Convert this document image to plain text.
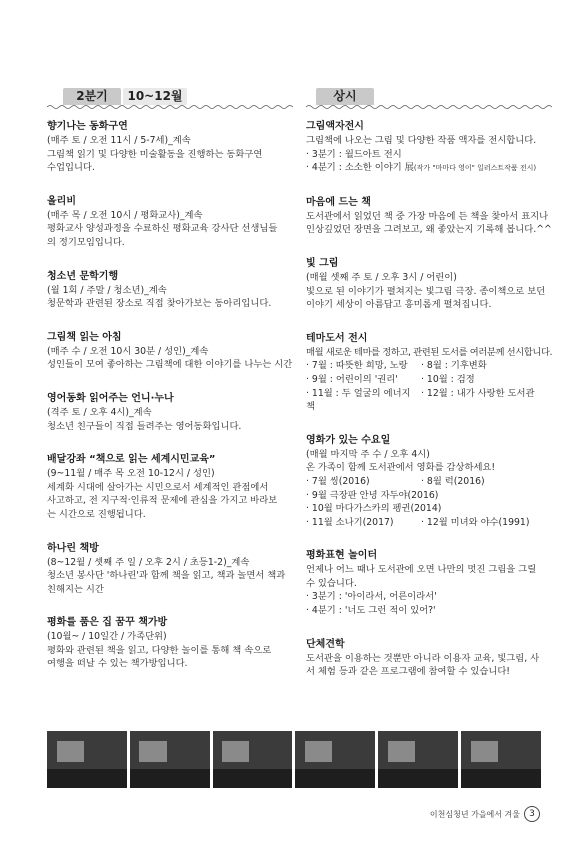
2분기	10~12월
향기나는 동화구연
(매주 토 / 오전 11시 / 5-7세)_계속
그림책 읽기 및 다양한 미술활동을 진행하는 동화구연
수업입니다.
올리비
(매주 목 / 오전 10시 / 평화교사)_계속
평화교사 양성과정을 수료하신 평화교육 강사단 선생님들
의 정기모임입니다.
청소년 문학기행
(월 1회 / 주말 / 청소년)_계속
청문학과 관련된 장소로 직접 찾아가보는 동아리입니다.
그림책 읽는 아침
(매주 수 / 오전 10시 30분 / 성인)_계속
성인들이 모여 좋아하는 그림책에 대한 이야기를 나누는 시간
영어동화 읽어주는 언니·누나
(격주 토 / 오후 4시)_계속
청소년 친구들이 직접 들려주는 영어동화입니다.
배달강좌 “책으로 읽는 세계시민교육”
(9~11월 / 매주 목 오전 10-12시 / 성인)
세계화 시대에 살아가는 시민으로서 세계적인 관점에서
사고하고, 전 지구적·인류적 문제에 관심을 가지고 바라보
는 시간으로 진행됩니다.
하나린 책방
(8~12월 / 셋째 주 일 / 오후 2시 / 초등1-2)_계속
청소년 봉사단 '하나린'과 함께 책을 읽고, 책과 놀면서 책과
친해지는 시간
평화를 품은 집 꿈꾸 책가방
(10월~ / 10일간 / 가족단위)
평화와 관련된 책을 읽고, 다양한 놀이를 통해 책 속으로
여행을 떠날 수 있는 책가방입니다.
상시
그림액자전시
그림책에 나오는 그림 및 다양한 작품 액자를 전시합니다.
· 3분기 : 월드아트 전시
· 4분기 : 소소한 이야기 展(작가 "마마다 영이" 일러스트작품 전시)
마음에 드는 책
도서관에서 읽었던 책 중 가장 마음에 든 책을 찾아서 표지나
인상깊었던 장면을 그려보고, 왜 좋았는지 기록해 봅니다.^^
빛 그림
(매월 셋째 주 토 / 오후 3시 / 어린이)
빛으로 된 이야기가 펼쳐지는 빛그림 극장. 종이책으로 보던
이야기 세상이 아름답고 흥미롭게 펼쳐집니다.
테마도서 전시
매월 새로운 테마를 정하고, 관련된 도서를 여러분께 선시합니다.
· 7월 : 따뜻한 희망, 노랑	· 8월 : 기후변화
· 9월 : 어린이의 '권리'	· 10월 : 검정
· 11월 : 두 얼굴의 에너지 책
· 12월 : 내가 사랑한 도서관
영화가 있는 수요일
(매월 마지막 주 수 / 오후 4시)
온 가족이 함께 도서관에서 영화를 감상하세요!
· 7월 씽(2016)	· 8월 럭(2016)
· 9월 극장판 안녕 자두야(2016)
· 10월 마다가스카의 펭귄(2014)
· 11월 소나기(2017)	· 12월 미녀와 야수(1991)
평화표현 놀이터
언제나 어느 때나 도서관에 오면 나만의 멋진 그림을 그릴
수 있습니다.
· 3분기 : '아이라서, 어른이라서'
· 4분기 : '너도 그런 적이 있어?'
단체견학
도서관을 이용하는 것뿐만 아니라 이용자 교육, 빛그림, 사
서 체험 등과 같은 프로그램에 참여할 수 있습니다!
이천심청년 가을에서 겨울	3
